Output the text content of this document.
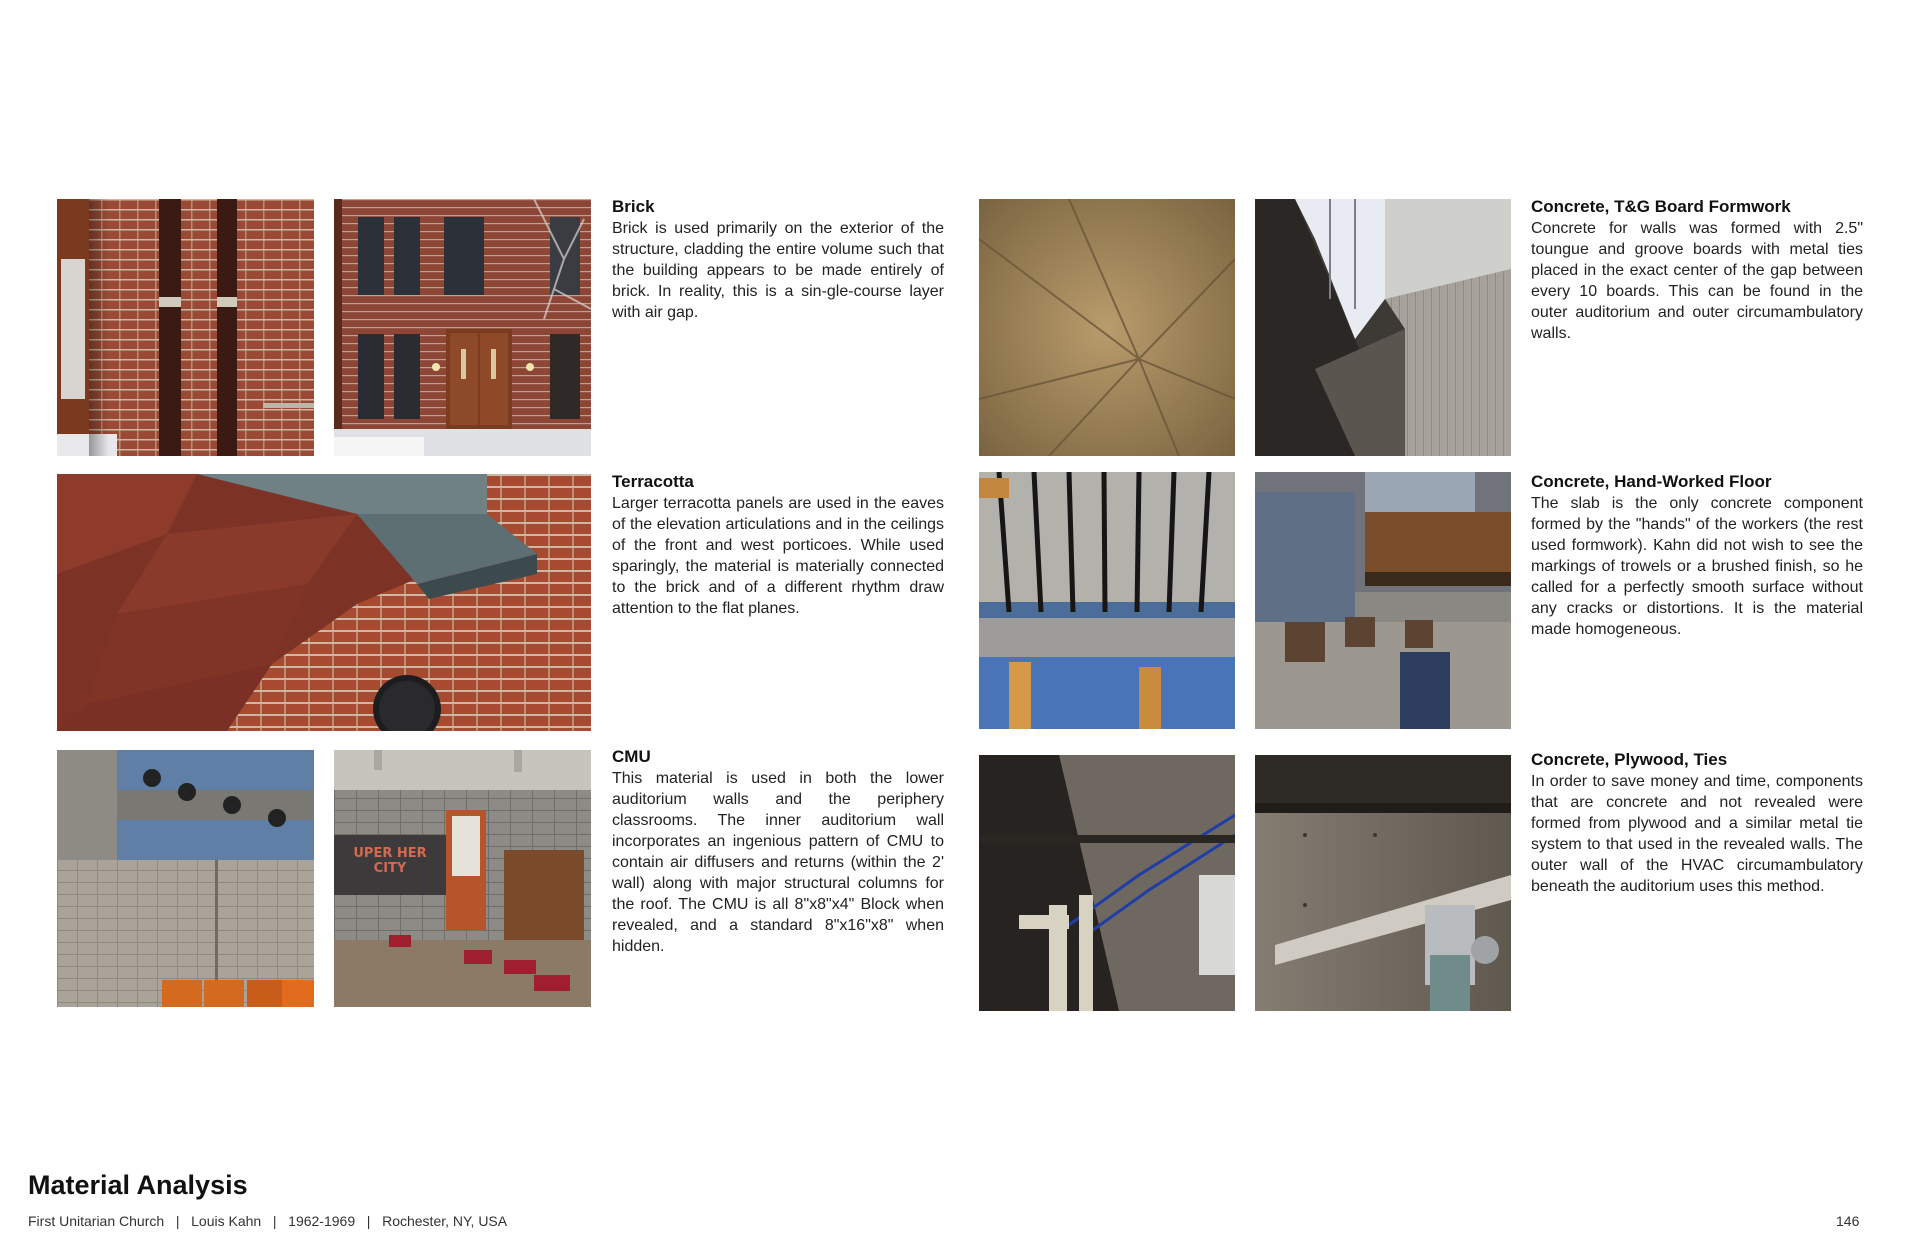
UPER HER
CITY
Brick

Brick is used primarily on the exterior of the structure, cladding the entire volume such that the building appears to be made entirely of brick. In reality, this is a sin-gle-course layer with air gap.

Terracotta

Larger terracotta panels are used in the eaves of the elevation articulations and in the ceilings of the front and west porticoes. While used sparingly, the material is materially connected to the brick and of a different rhythm draw attention to the flat planes.

CMU

This material is used in both the lower auditorium walls and the periphery classrooms. The inner auditorium wall incorporates an ingenious pattern of CMU to contain air diffusers and returns (within the 2' wall) along with major structural columns for the roof. The CMU is all 8"x8"x4" Block when revealed, and a standard 8"x16"x8" when hidden.

Concrete, T&G Board Formwork

Concrete for walls was formed with 2.5" toungue and groove boards with metal ties placed in the exact center of the gap between every 10 boards. This can be found in the outer auditorium and outer circumambulatory walls.

Concrete, Hand-Worked Floor

The slab is the only concrete component formed by the "hands" of the workers (the rest used formwork). Kahn did not wish to see the markings of trowels or a brushed finish, so he called for a perfectly smooth surface without any cracks or distortions. It is the material made homogeneous.

Concrete, Plywood, Ties

In order to save money and time, components that are concrete and not revealed were formed from plywood and a similar metal tie system to that used in the revealed walls. The outer wall of the HVAC circumambulatory beneath the auditorium uses this method.

Material Analysis
First Unitarian Church   |   Louis Kahn   |   1962-1969   |   Rochester, NY, USA	146
